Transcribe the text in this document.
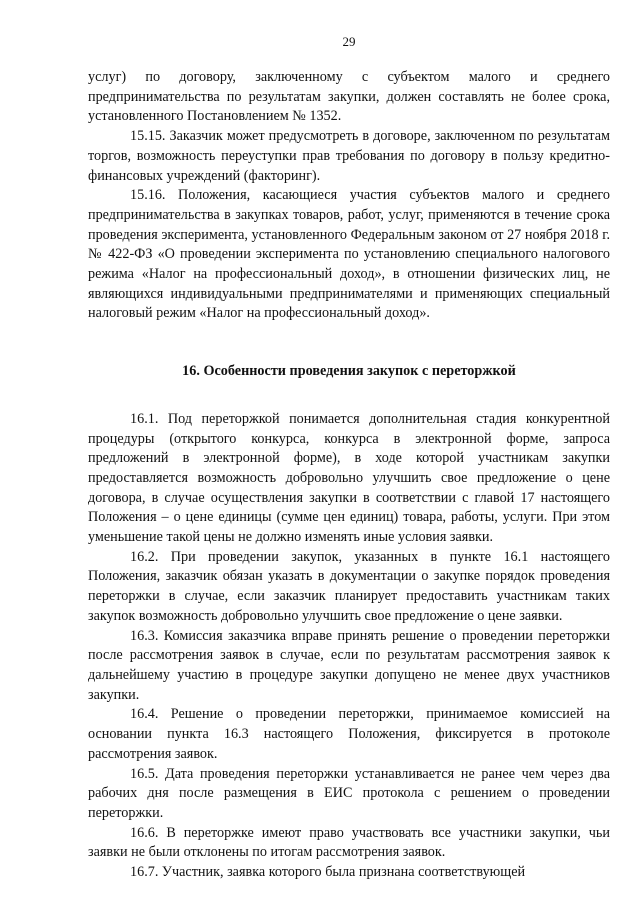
29

услуг) по договору, заключенному с субъектом малого и среднего предпринимательства по результатам закупки, должен составлять не более срока, установленного Постановлением № 1352.

15.15. Заказчик может предусмотреть в договоре, заключенном по результатам торгов, возможность переуступки прав требования по договору в пользу кредитно-финансовых учреждений (факторинг).

15.16. Положения, касающиеся участия субъектов малого и среднего предпринимательства в закупках товаров, работ, услуг, применяются в течение срока проведения эксперимента, установленного Федеральным законом от 27 ноября 2018 г. № 422-ФЗ «О проведении эксперимента по установлению специального налогового режима «Налог на профессиональный доход», в отношении физических лиц, не являющихся индивидуальными предпринимателями и применяющих специальный налоговый режим «Налог на профессиональный доход».

16. Особенности проведения закупок с переторжкой

16.1. Под переторжкой понимается дополнительная стадия конкурентной процедуры (открытого конкурса, конкурса в электронной форме, запроса предложений в электронной форме), в ходе которой участникам закупки предоставляется возможность добровольно улучшить свое предложение о цене договора, в случае осуществления закупки в соответствии с главой 17 настоящего Положения – о цене единицы (сумме цен единиц) товара, работы, услуги. При этом уменьшение такой цены не должно изменять иные условия заявки.

16.2. При проведении закупок, указанных в пункте 16.1 настоящего Положения, заказчик обязан указать в документации о закупке порядок проведения переторжки в случае, если заказчик планирует предоставить участникам таких закупок возможность добровольно улучшить свое предложение о цене заявки.

16.3. Комиссия заказчика вправе принять решение о проведении переторжки после рассмотрения заявок в случае, если по результатам рассмотрения заявок к дальнейшему участию в процедуре закупки допущено не менее двух участников закупки.

16.4. Решение о проведении переторжки, принимаемое комиссией на основании пункта 16.3 настоящего Положения, фиксируется в протоколе рассмотрения заявок.

16.5. Дата проведения переторжки устанавливается не ранее чем через два рабочих дня после размещения в ЕИС протокола с решением о проведении переторжки.

16.6. В переторжке имеют право участвовать все участники закупки, чьи заявки не были отклонены по итогам рассмотрения заявок.

16.7. Участник, заявка которого была признана соответствующей
